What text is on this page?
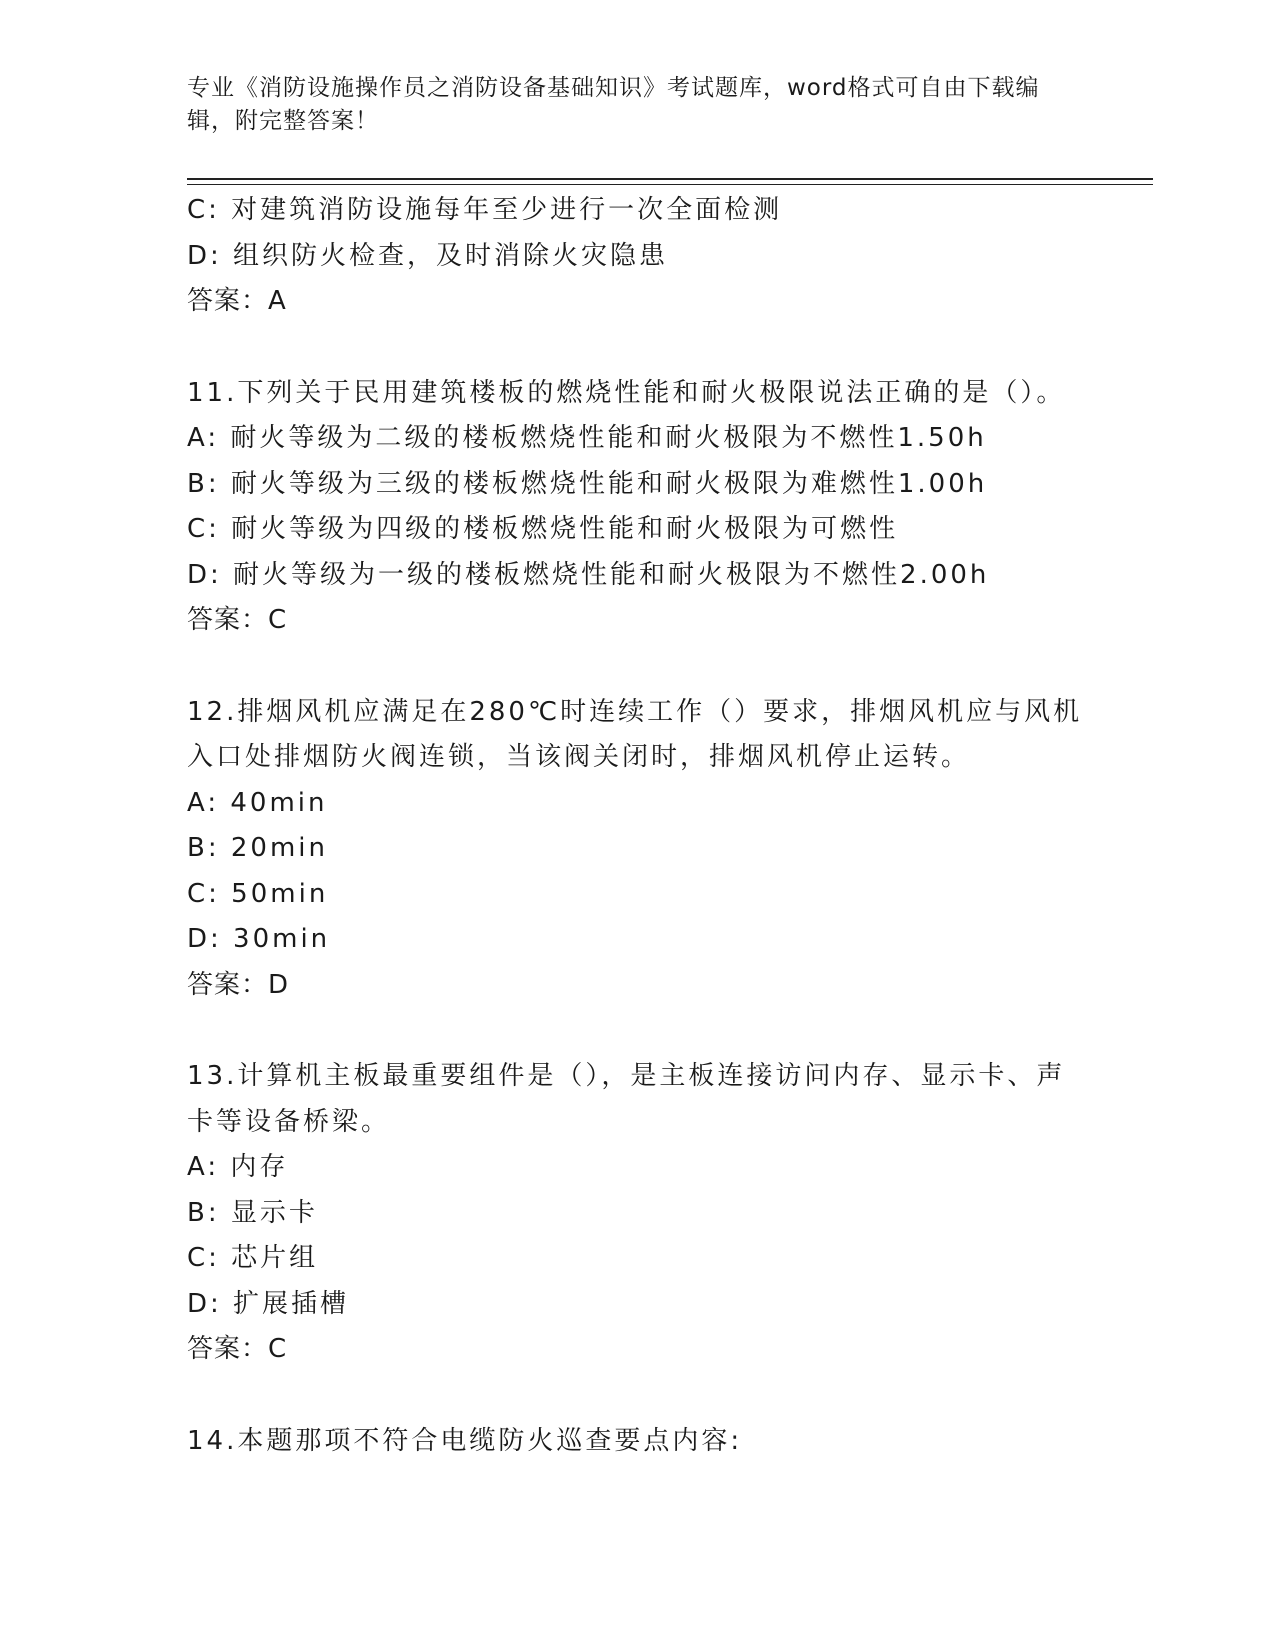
专业《消防设施操作员之消防设备基础知识》考试题库，word格式可自由下载编
辑，附完整答案！
C: 对建筑消防设施每年至少进行一次全面检测
D: 组织防火检查，及时消除火灾隐患
答案：A
11.下列关于民用建筑楼板的燃烧性能和耐火极限说法正确的是（）。
A: 耐火等级为二级的楼板燃烧性能和耐火极限为不燃性1.50h
B: 耐火等级为三级的楼板燃烧性能和耐火极限为难燃性1.00h
C: 耐火等级为四级的楼板燃烧性能和耐火极限为可燃性
D: 耐火等级为一级的楼板燃烧性能和耐火极限为不燃性2.00h
答案：C
12.排烟风机应满足在280℃时连续工作（）要求，排烟风机应与风机
入口处排烟防火阀连锁，当该阀关闭时，排烟风机停止运转。
A: 40min
B: 20min
C: 50min
D: 30min
答案：D
13.计算机主板最重要组件是（），是主板连接访问内存、显示卡、声
卡等设备桥梁。
A: 内存
B: 显示卡
C: 芯片组
D: 扩展插槽
答案：C
14.本题那项不符合电缆防火巡查要点内容:
